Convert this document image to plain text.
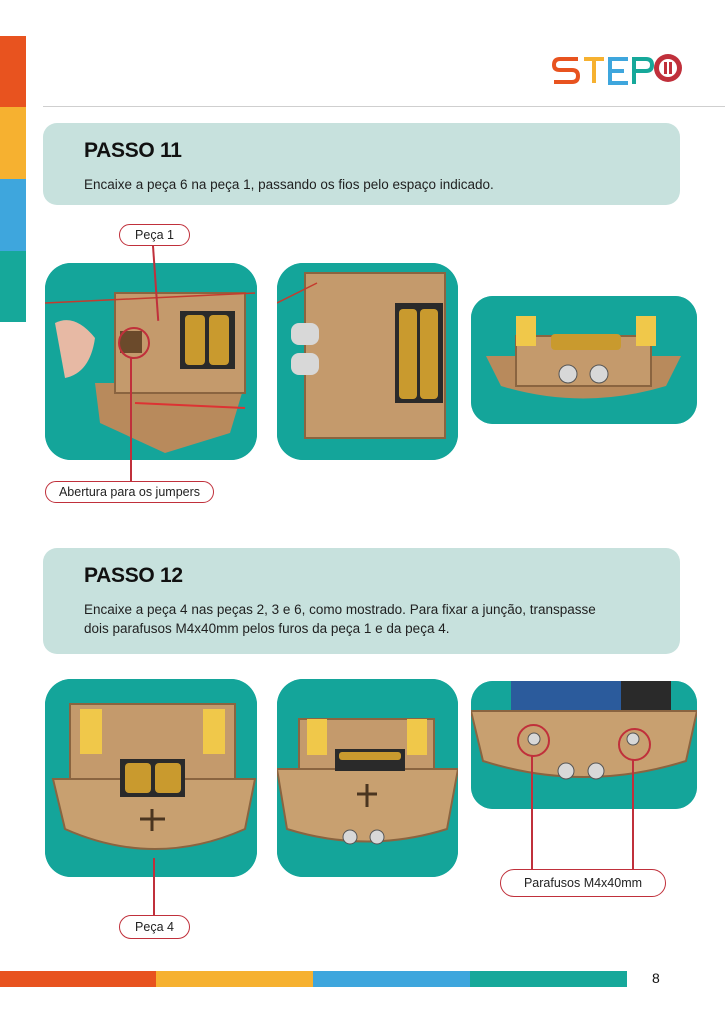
PASSO 11
Encaixe a peça 6 na peça 1, passando os fios pelo espaço indicado.
Peça 1
Abertura para os jumpers
PASSO 12
Encaixe a peça 4 nas peças 2, 3 e 6, como mostrado. Para fixar a junção, transpasse
dois parafusos M4x40mm pelos furos da peça 1 e da peça 4.
Parafusos M4x40mm
Peça 4
8
